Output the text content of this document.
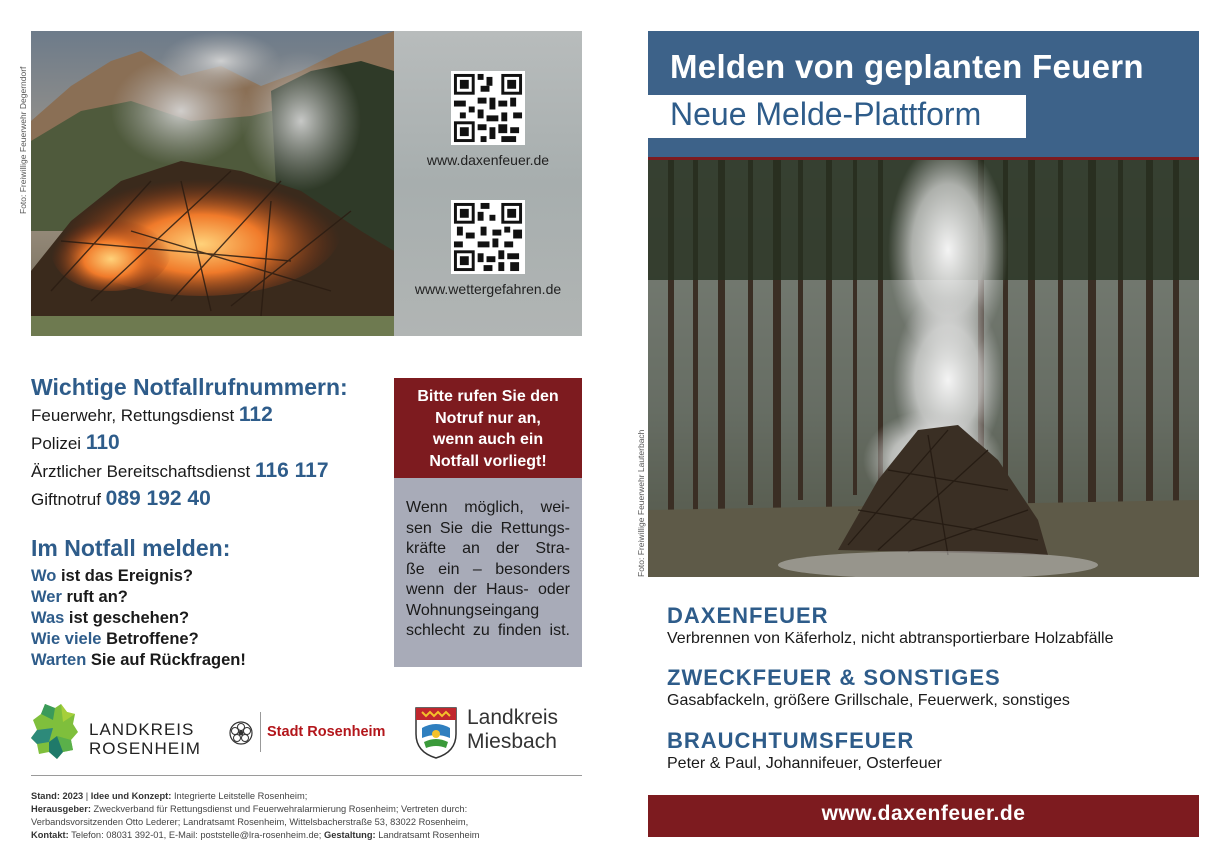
Foto: Freiwillige Feuerwehr Degerndorf	www.daxenfeuer.de
www.wettergefahren.de
Wichtige Notfallrufnummern:
Feuerwehr, Rettungsdienst 112
Polizei 110
Ärztlicher Bereitschaftsdienst 116 117
Giftnotruf 089 192 40
Im Notfall melden:
Wo ist das Ereignis?
Wer ruft an?
Was ist geschehen?
Wie viele Betroffene?
Warten Sie auf Rückfragen!
Bitte rufen Sie den
Notruf nur an,
wenn auch ein
Notfall vorliegt!
Wenn möglich, wei-
sen Sie die Rettungs-
kräfte an der Stra-
ße ein – besonders
wenn der Haus- oder
Wohnungseingang
schlecht zu finden ist.
LANDKREIS
ROSENHEIM
Stadt Rosenheim
Landkreis
Miesbach
Stand: 2023 | Idee und Konzept: Integrierte Leitstelle Rosenheim;
Herausgeber: Zweckverband für Rettungsdienst und Feuerwehralarmierung Rosenheim; Vertreten durch:
Verbandsvorsitzenden Otto Lederer; Landratsamt Rosenheim, Wittelsbacherstraße 53, 83022 Rosenheim,
Kontakt: Telefon: 08031 392-01, E-Mail: poststelle@lra-rosenheim.de; Gestaltung: Landratsamt Rosenheim
Melden von geplanten Feuern
Neue Melde-Plattform
Foto: Freiwillige Feuerwehr Lauterbach
DAXENFEUER
Verbrennen von Käferholz, nicht abtransportierbare Holzabfälle
ZWECKFEUER & SONSTIGES
Gasabfackeln, größere Grillschale, Feuerwerk, sonstiges
BRAUCHTUMSFEUER
Peter & Paul, Johannifeuer, Osterfeuer
www.daxenfeuer.de
